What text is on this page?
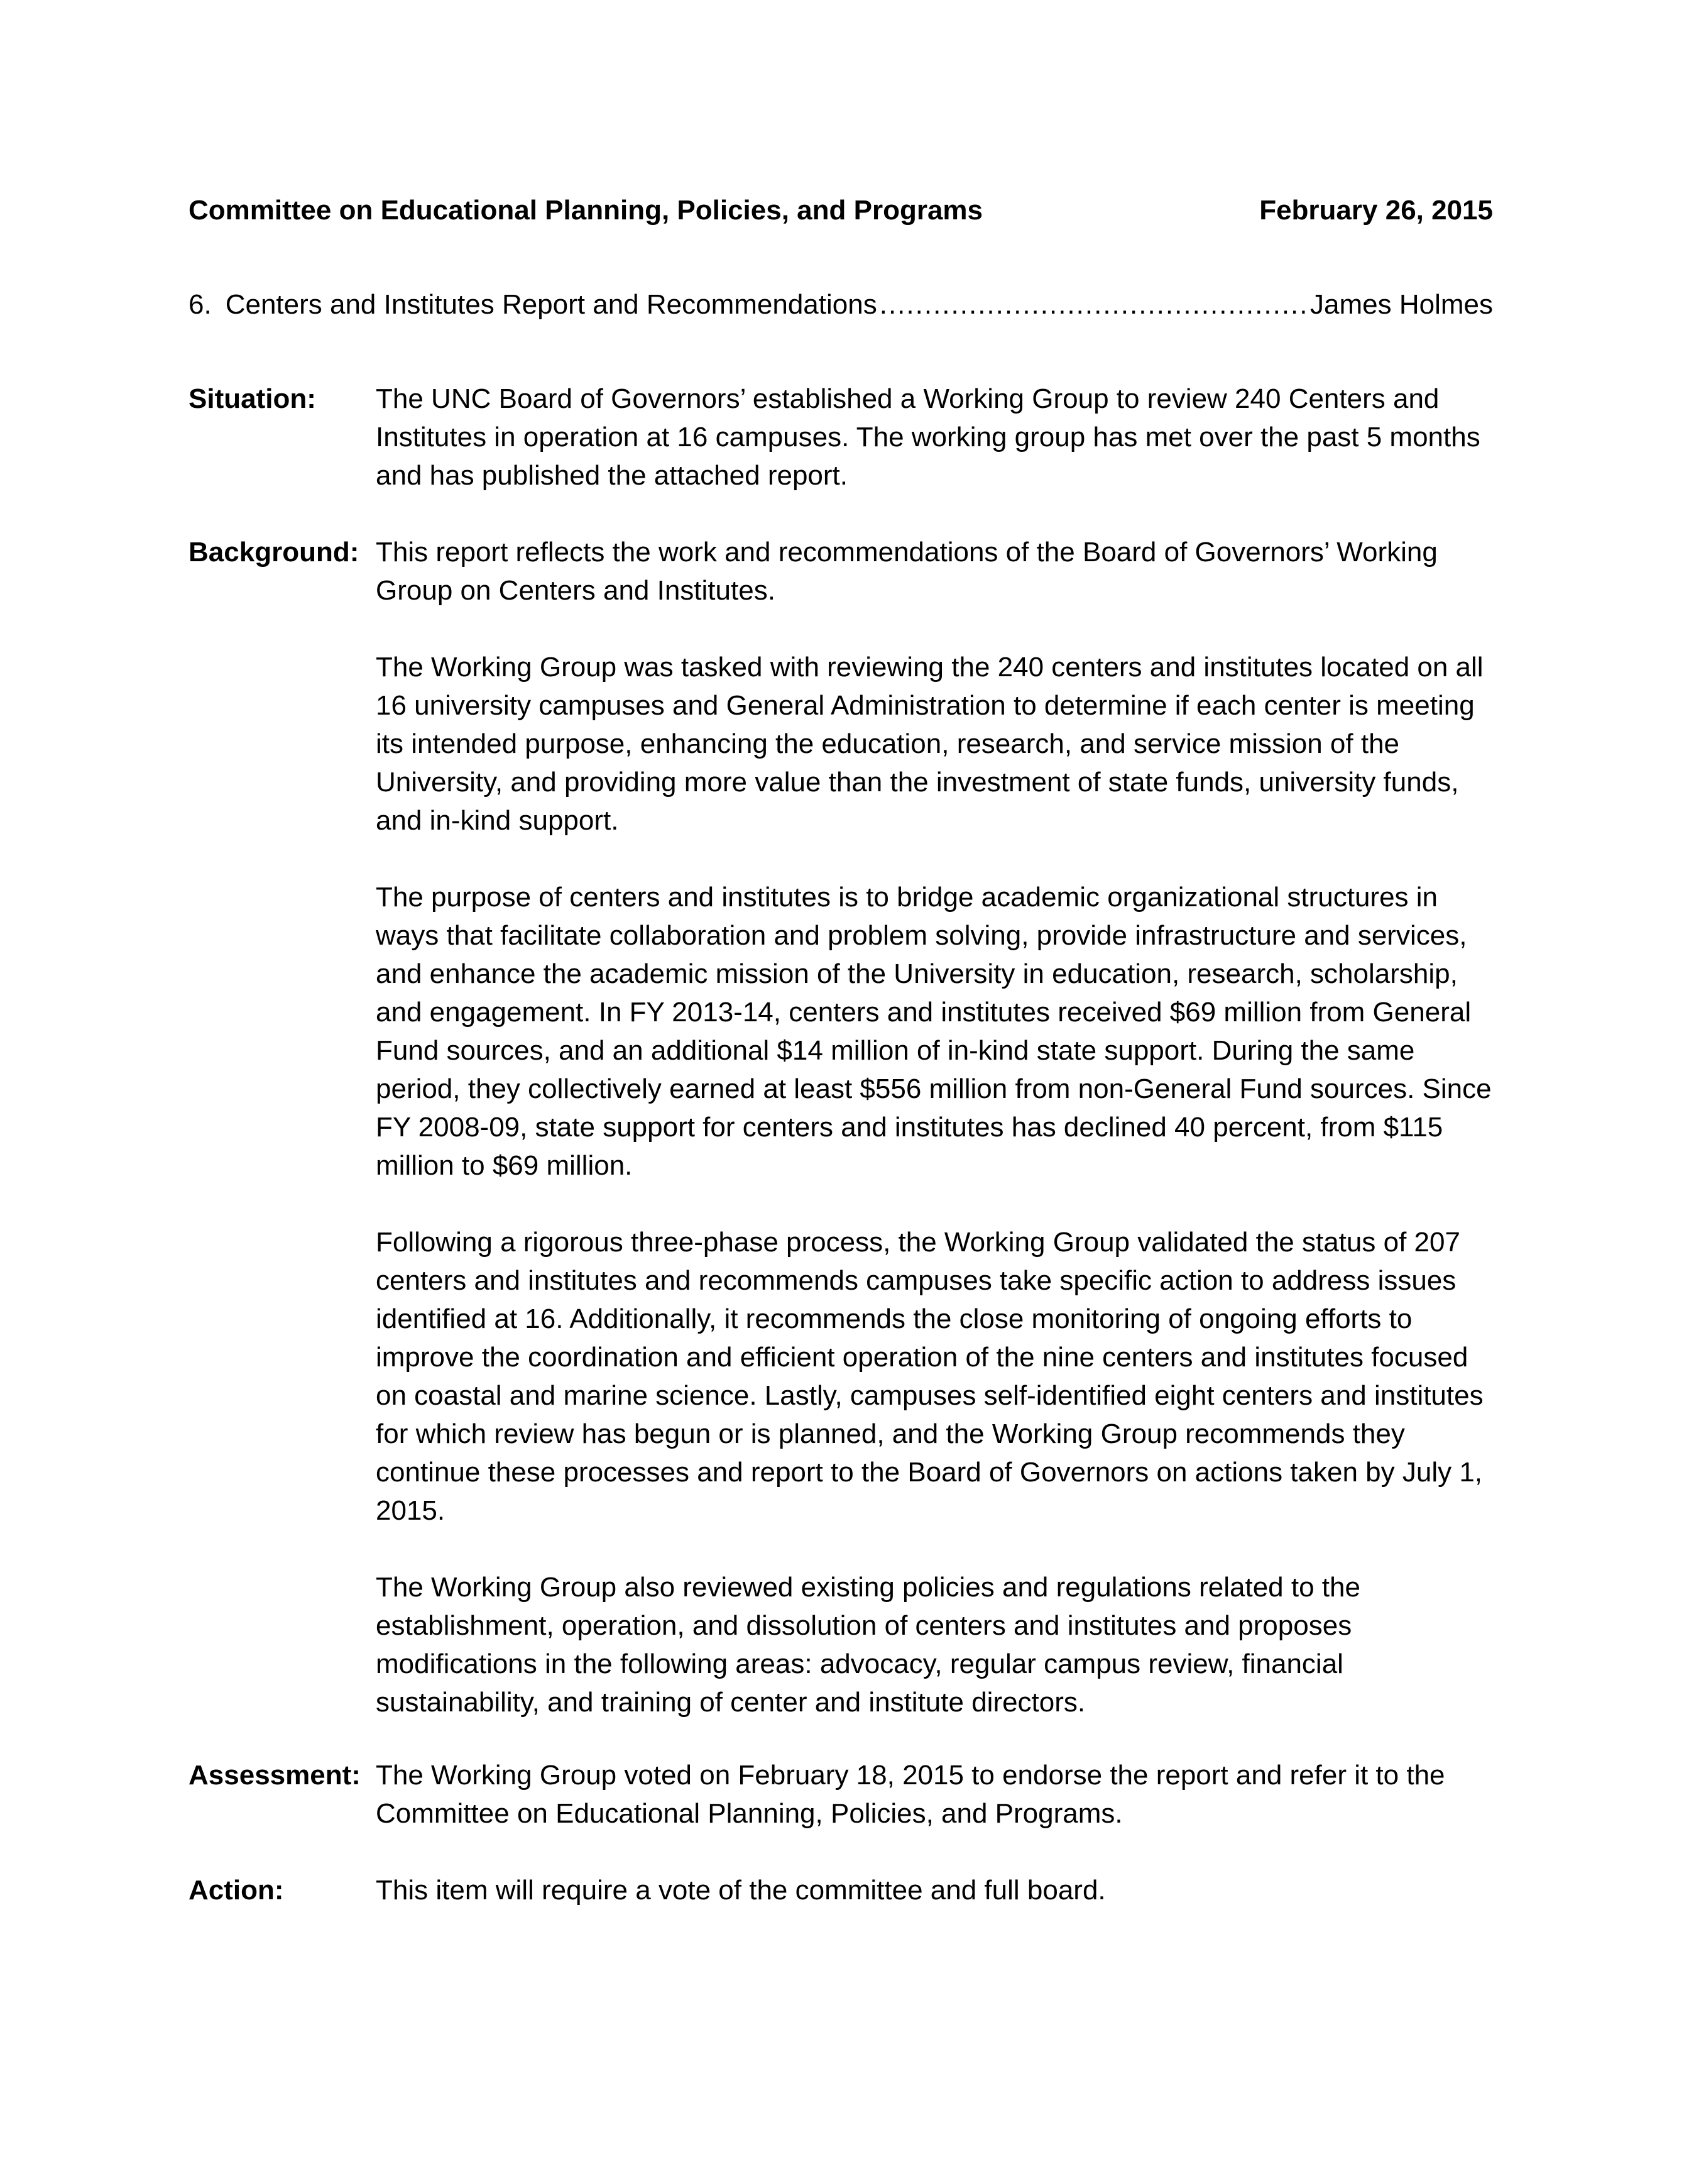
Committee on Educational Planning, Policies, and Programs	February 26, 2015
6. Centers and Institutes Report and Recommendations
.....	James Holmes
Situation: The UNC Board of Governors’ established a Working Group to review 240 Centers and Institutes in operation at 16 campuses. The working group has met over the past 5 months and has published the attached report.

Background: This report reflects the work and recommendations of the Board of Governors’ Working Group on Centers and Institutes.

The Working Group was tasked with reviewing the 240 centers and institutes located on all 16 university campuses and General Administration to determine if each center is meeting its intended purpose, enhancing the education, research, and service mission of the University, and providing more value than the investment of state funds, university funds, and in-kind support.

The purpose of centers and institutes is to bridge academic organizational structures in ways that facilitate collaboration and problem solving, provide infrastructure and services, and enhance the academic mission of the University in education, research, scholarship, and engagement. In FY 2013-14, centers and institutes received $69 million from General Fund sources, and an additional $14 million of in-kind state support. During the same period, they collectively earned at least $556 million from non-General Fund sources. Since FY 2008-09, state support for centers and institutes has declined 40 percent, from $115 million to $69 million.

Following a rigorous three-phase process, the Working Group validated the status of 207 centers and institutes and recommends campuses take specific action to address issues identified at 16. Additionally, it recommends the close monitoring of ongoing efforts to improve the coordination and efficient operation of the nine centers and institutes focused on coastal and marine science. Lastly, campuses self-identified eight centers and institutes for which review has begun or is planned, and the Working Group recommends they continue these processes and report to the Board of Governors on actions taken by July 1, 2015.

The Working Group also reviewed existing policies and regulations related to the establishment, operation, and dissolution of centers and institutes and proposes modifications in the following areas: advocacy, regular campus review, financial sustainability, and training of center and institute directors.

Assessment: The Working Group voted on February 18, 2015 to endorse the report and refer it to the Committee on Educational Planning, Policies, and Programs.

Action:	This item will require a vote of the committee and full board.
